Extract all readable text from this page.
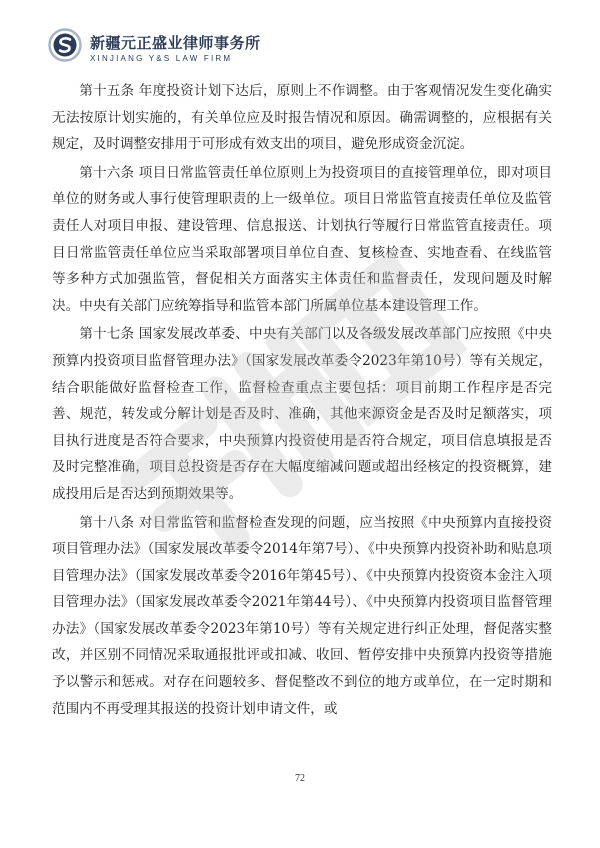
新疆元正盛业律师事务所
XINJIANG Y&S LAW FIRM

第十五条 年度投资计划下达后，原则上不作调整。由于客观情况发生变化确实无法按原计划实施的，有关单位应及时报告情况和原因。确需调整的，应根据有关规定，及时调整安排用于可形成有效支出的项目，避免形成资金沉淀。

第十六条 项目日常监管责任单位原则上为投资项目的直接管理单位，即对项目单位的财务或人事行使管理职责的上一级单位。项目日常监管直接责任单位及监管责任人对项目申报、建设管理、信息报送、计划执行等履行日常监管直接责任。项目日常监管责任单位应当采取部署项目单位自查、复核检查、实地查看、在线监管等多种方式加强监管，督促相关方面落实主体责任和监督责任，发现问题及时解决。中央有关部门应统筹指导和监管本部门所属单位基本建设管理工作。

第十七条 国家发展改革委、中央有关部门以及各级发展改革部门应按照《中央预算内投资项目监督管理办法》（国家发展改革委令2023年第10号）等有关规定，结合职能做好监督检查工作，监督检查重点主要包括：项目前期工作程序是否完善、规范，转发或分解计划是否及时、准确，其他来源资金是否及时足额落实，项目执行进度是否符合要求，中央预算内投资使用是否符合规定，项目信息填报是否及时完整准确，项目总投资是否存在大幅度缩减问题或超出经核定的投资概算，建成投用后是否达到预期效果等。

第十八条 对日常监管和监督检查发现的问题，应当按照《中央预算内直接投资项目管理办法》（国家发展改革委令2014年第7号）、《中央预算内投资补助和贴息项目管理办法》（国家发展改革委令2016年第45号）、《中央预算内投资资本金注入项目管理办法》（国家发展改革委令2021年第44号）、《中央预算内投资项目监督管理办法》（国家发展改革委令2023年第10号）等有关规定进行纠正处理，督促落实整改，并区别不同情况采取通报批评或扣减、收回、暂停安排中央预算内投资等措施予以警示和惩戒。对存在问题较多、督促整改不到位的地方或单位，在一定时期和范围内不再受理其报送的投资计划申请文件，或

72
